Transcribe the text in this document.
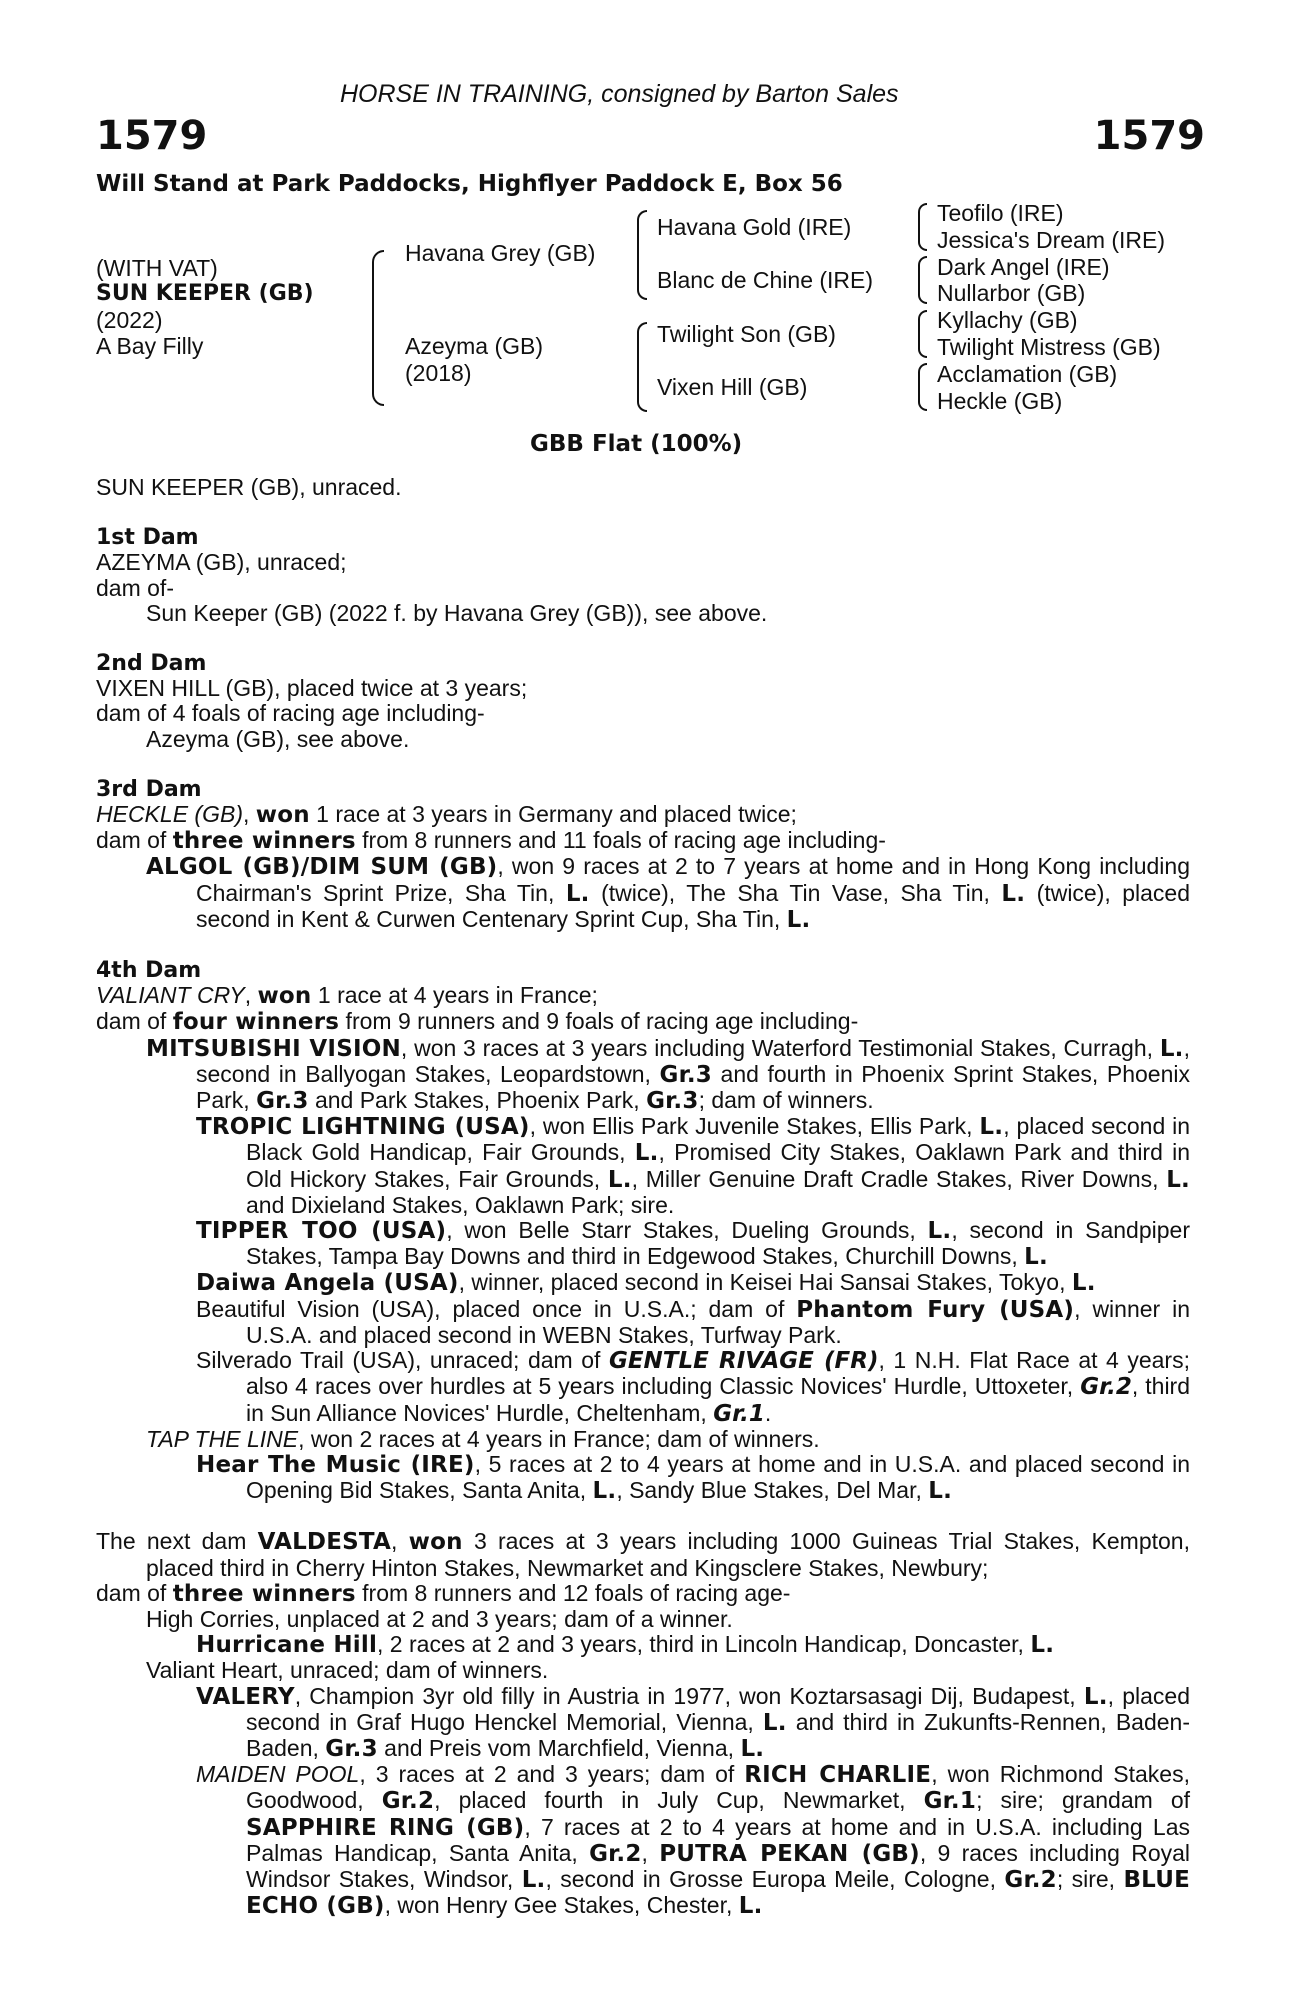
HORSE IN TRAINING, consigned by Barton Sales
1579	1579
Will Stand at Park Paddocks, Highflyer Paddock E, Box 56
(WITH VAT)
SUN KEEPER (GB)
(2022)
A Bay Filly
Havana Grey (GB)
Azeyma (GB)
(2018)
Havana Gold (IRE)
Blanc de Chine (IRE)
Twilight Son (GB)
Vixen Hill (GB)
Teofilo (IRE)
Jessica's Dream (IRE)
Dark Angel (IRE)
Nullarbor (GB)
Kyllachy (GB)
Twilight Mistress (GB)
Acclamation (GB)
Heckle (GB)
GBB Flat (100%)
SUN KEEPER (GB), unraced.
1st Dam
AZEYMA (GB), unraced;
dam of-
Sun Keeper (GB) (2022 f. by Havana Grey (GB)), see above.
2nd Dam
VIXEN HILL (GB), placed twice at 3 years;
dam of 4 foals of racing age including-
Azeyma (GB), see above.
3rd Dam
HECKLE (GB), won 1 race at 3 years in Germany and placed twice;
dam of three winners from 8 runners and 11 foals of racing age including-
ALGOL (GB)/DIM SUM (GB), won 9 races at 2 to 7 years at home and in Hong Kong including Chairman's Sprint Prize, Sha Tin, L. (twice), The Sha Tin Vase, Sha Tin, L. (twice), placed second in Kent & Curwen Centenary Sprint Cup, Sha Tin, L.
4th Dam
VALIANT CRY, won 1 race at 4 years in France;
dam of four winners from 9 runners and 9 foals of racing age including-
MITSUBISHI VISION, won 3 races at 3 years including Waterford Testimonial Stakes, Curragh, L., second in Ballyogan Stakes, Leopardstown, Gr.3 and fourth in Phoenix Sprint Stakes, Phoenix Park, Gr.3 and Park Stakes, Phoenix Park, Gr.3; dam of winners.
TROPIC LIGHTNING (USA), won Ellis Park Juvenile Stakes, Ellis Park, L., placed second in Black Gold Handicap, Fair Grounds, L., Promised City Stakes, Oaklawn Park and third in Old Hickory Stakes, Fair Grounds, L., Miller Genuine Draft Cradle Stakes, River Downs, L. and Dixieland Stakes, Oaklawn Park; sire.
TIPPER TOO (USA), won Belle Starr Stakes, Dueling Grounds, L., second in Sandpiper Stakes, Tampa Bay Downs and third in Edgewood Stakes, Churchill Downs, L.
Daiwa Angela (USA), winner, placed second in Keisei Hai Sansai Stakes, Tokyo, L.
Beautiful Vision (USA), placed once in U.S.A.; dam of Phantom Fury (USA), winner in U.S.A. and placed second in WEBN Stakes, Turfway Park.
Silverado Trail (USA), unraced; dam of GENTLE RIVAGE (FR), 1 N.H. Flat Race at 4 years; also 4 races over hurdles at 5 years including Classic Novices' Hurdle, Uttoxeter, Gr.2, third in Sun Alliance Novices' Hurdle, Cheltenham, Gr.1.
TAP THE LINE, won 2 races at 4 years in France; dam of winners.
Hear The Music (IRE), 5 races at 2 to 4 years at home and in U.S.A. and placed second in Opening Bid Stakes, Santa Anita, L., Sandy Blue Stakes, Del Mar, L.
The next dam VALDESTA, won 3 races at 3 years including 1000 Guineas Trial Stakes, Kempton, placed third in Cherry Hinton Stakes, Newmarket and Kingsclere Stakes, Newbury;
dam of three winners from 8 runners and 12 foals of racing age-
High Corries, unplaced at 2 and 3 years; dam of a winner.
Hurricane Hill, 2 races at 2 and 3 years, third in Lincoln Handicap, Doncaster, L.
Valiant Heart, unraced; dam of winners.
VALERY, Champion 3yr old filly in Austria in 1977, won Koztarsasagi Dij, Budapest, L., placed second in Graf Hugo Henckel Memorial, Vienna, L. and third in Zukunfts-Rennen, Baden-Baden, Gr.3 and Preis vom Marchfield, Vienna, L.
MAIDEN POOL, 3 races at 2 and 3 years; dam of RICH CHARLIE, won Richmond Stakes, Goodwood, Gr.2, placed fourth in July Cup, Newmarket, Gr.1; sire; grandam of SAPPHIRE RING (GB), 7 races at 2 to 4 years at home and in U.S.A. including Las Palmas Handicap, Santa Anita, Gr.2, PUTRA PEKAN (GB), 9 races including Royal Windsor Stakes, Windsor, L., second in Grosse Europa Meile, Cologne, Gr.2; sire, BLUE ECHO (GB), won Henry Gee Stakes, Chester, L.
